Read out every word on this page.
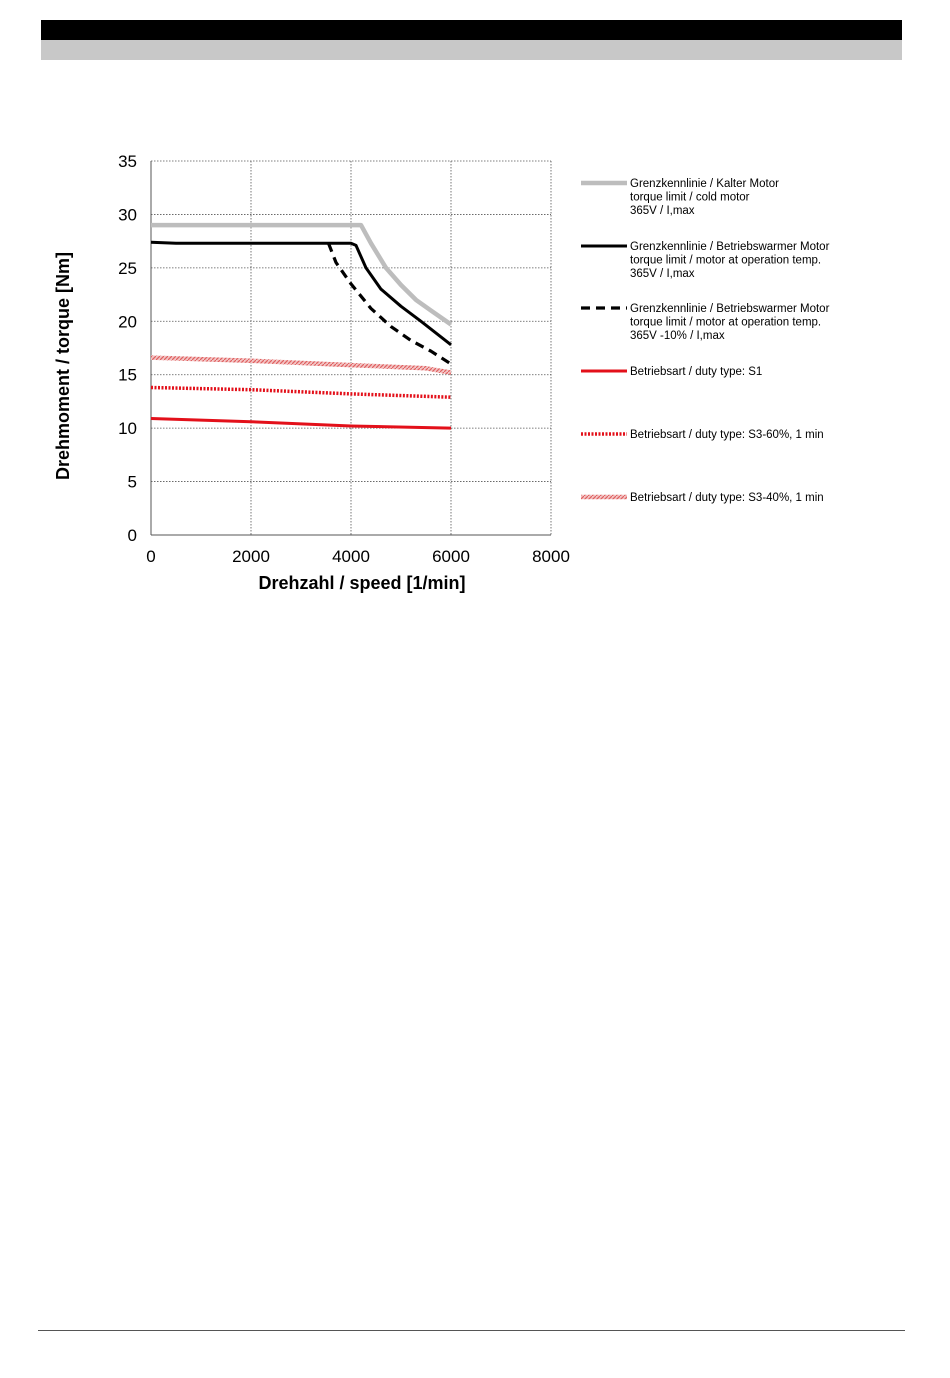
0
5
10
15
20
25
30
35
0	2000	4000	6000	8000
Grenzkennlinie / Kalter Motor
torque limit / cold motor
365V / I,max
Grenzkennlinie / Betriebswarmer Motor
torque limit / motor at operation temp.
365V / I,max
Grenzkennlinie / Betriebswarmer Motor
torque limit / motor at operation temp.
365V -10% / I,max
Betriebsart / duty type: S1
Betriebsart / duty type: S3-60%, 1 min
Betriebsart / duty type: S3-40%, 1 min
Drehzahl / speed [1/min]
Drehmoment / torque [Nm]
